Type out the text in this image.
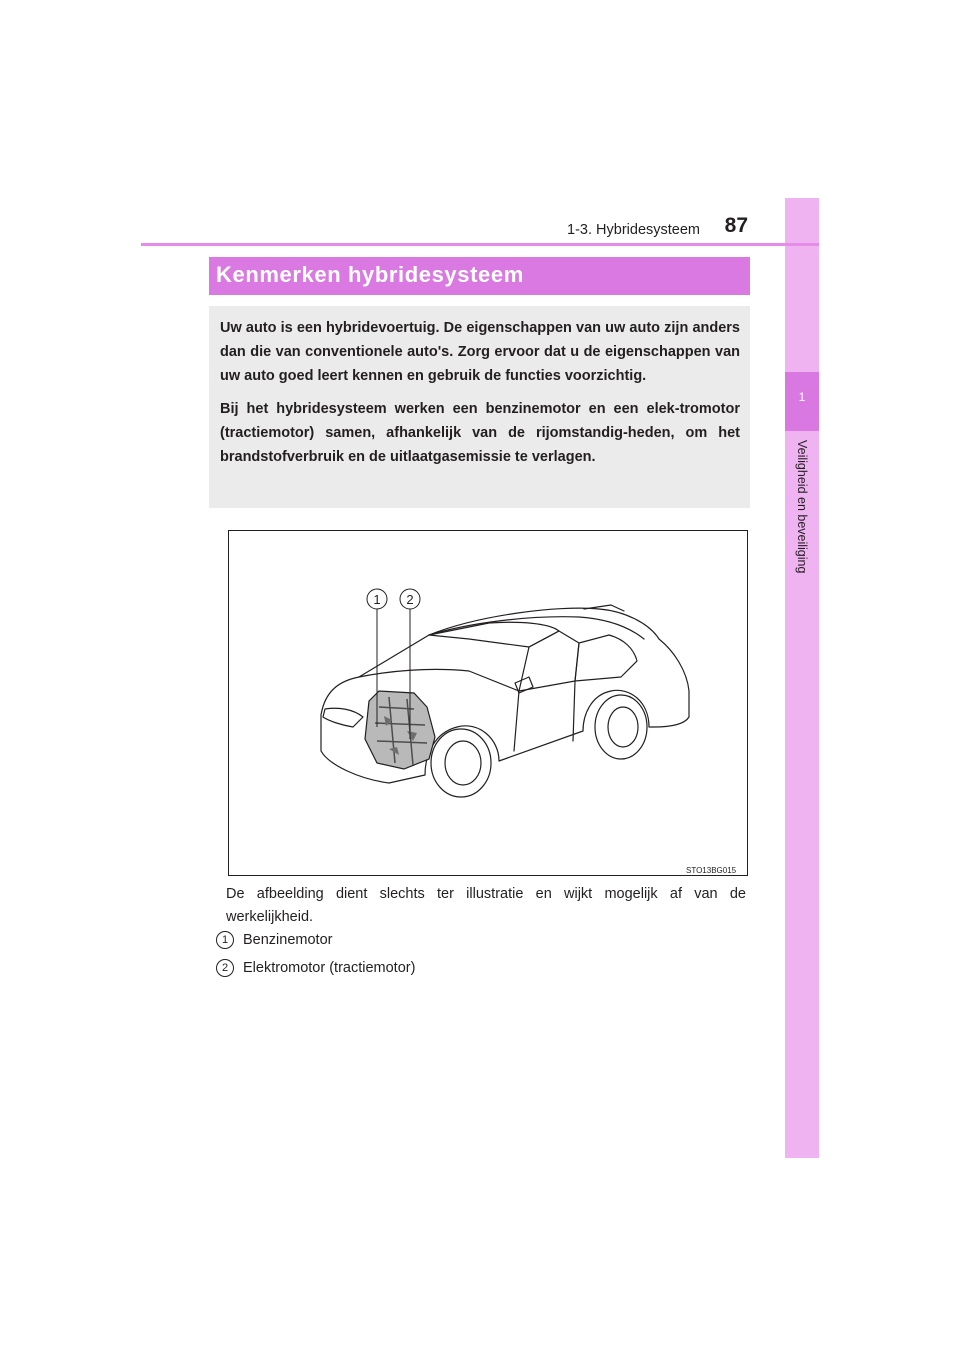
1
Veiligheid en beveiliging
1-3. Hybridesysteem	87
Kenmerken hybridesysteem

Uw auto is een hybridevoertuig. De eigenschappen van uw auto zijn anders dan die van conventionele auto's. Zorg ervoor dat u de eigenschappen van uw auto goed leert kennen en gebruik de functies voorzichtig.

Bij het hybridesysteem werken een benzinemotor en een elek-tromotor (tractiemotor) samen, afhankelijk van de rijomstandig-heden, om het brandstofverbruik en de uitlaatgasemissie te verlagen.

1 2
STO13BG015
De afbeelding dient slechts ter illustratie en wijkt mogelijk af van de werkelijkheid.
1	Benzinemotor
2	Elektromotor (tractiemotor)
